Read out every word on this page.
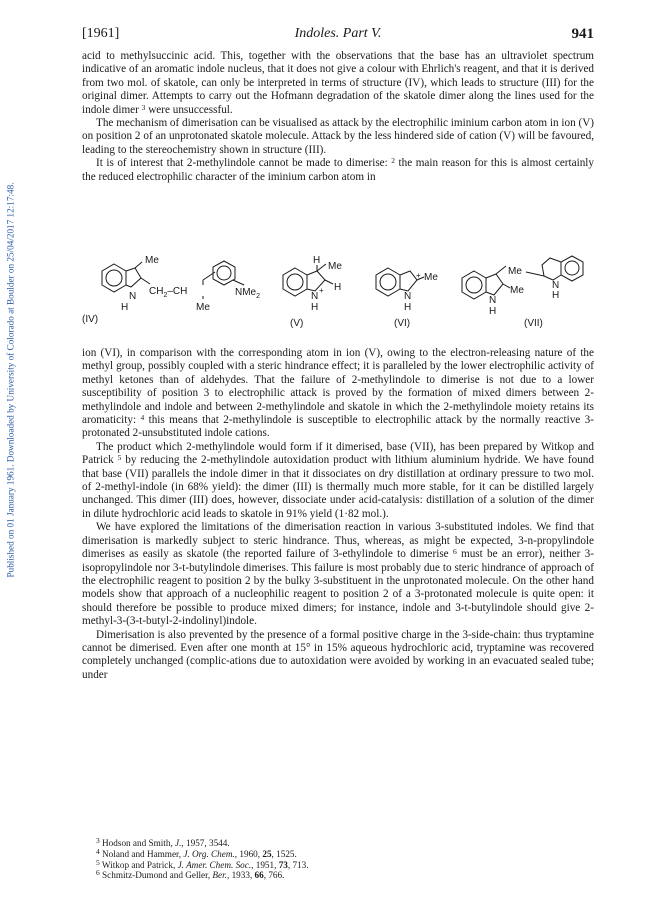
Published on 01 January 1961. Downloaded by University of Colorado at Boulder on 25/04/2017 12:17:48.
[1961]	Indoles. Part V.	941

acid to methylsuccinic acid. This, together with the observations that the base has an ultraviolet spectrum indicative of an aromatic indole nucleus, that it does not give a colour with Ehrlich's reagent, and that it is derived from two mol. of skatole, can only be interpreted in terms of structure (IV), which leads to structure (III) for the original dimer. Attempts to carry out the Hofmann degradation of the skatole dimer along the lines used for the indole dimer $^3$ were unsuccessful.

The mechanism of dimerisation can be visualised as attack by the electrophilic iminium carbon atom in ion (V) on position 2 of an unprotonated skatole molecule. Attack by the less hindered side of cation (V) will be favoured, leading to the stereochemistry shown in structure (III).

It is of interest that 2-methylindole cannot be made to dimerise: $^2$ the main reason for this is almost certainly the reduced electrophilic character of the iminium carbon atom in

Me
N
H
$CH_2-CH$
Me
NMe$_2$
(IV)
H
Me
H
N
+
H
(V)
+ Me
N
H
(VI)
Me
N
H
Me
N
H
(VII)

ion (VI), in comparison with the corresponding atom in ion (V), owing to the electron-releasing nature of the methyl group, possibly coupled with a steric hindrance effect; it is paralleled by the lower electrophilic activity of methyl ketones than of aldehydes. That the failure of 2-methylindole to dimerise is not due to a lower susceptibility of position 3 to electrophilic attack is proved by the formation of mixed dimers between 2-methylindole and indole and between 2-methylindole and skatole in which the 2-methylindole moiety retains its aromaticity: $^4$ this means that 2-methylindole is susceptible to electrophilic attack by the normally reactive 3-protonated 2-unsubstituted indole cations.

The product which 2-methylindole would form if it dimerised, base (VII), has been prepared by Witkop and Patrick $^5$ by reducing the 2-methylindole autoxidation product with lithium aluminium hydride. We have found that base (VII) parallels the indole dimer in that it dissociates on dry distillation at ordinary pressure to two mol. of 2-methyl-indole (in 68% yield): the dimer (III) is thermally much more stable, for it can be distilled largely unchanged. This dimer (III) does, however, dissociate under acid-catalysis: distillation of a solution of the dimer in dilute hydrochloric acid leads to skatole in 91% yield (1·82 mol.).

We have explored the limitations of the dimerisation reaction in various 3-substituted indoles. We find that dimerisation is markedly subject to steric hindrance. Thus, whereas, as might be expected, 3-n-propylindole dimerises as easily as skatole (the reported failure of 3-ethylindole to dimerise $^6$ must be an error), neither 3-isopropylindole nor 3-t-butylindole dimerises. This failure is most probably due to steric hindrance of approach of the electrophilic reagent to position 2 by the bulky 3-substituent in the unprotonated molecule. On the other hand models show that approach of a nucleophilic reagent to position 2 of a 3-protonated molecule is quite open: it should therefore be possible to produce mixed dimers; for instance, indole and 3-t-butylindole should give 2-methyl-3-(3-t-butyl-2-indolinyl)indole.

Dimerisation is also prevented by the presence of a formal positive charge in the 3-side-chain: thus tryptamine cannot be dimerised. Even after one month at 15° in 15% aqueous hydrochloric acid, tryptamine was recovered completely unchanged (complic-ations due to autoxidation were avoided by working in an evacuated sealed tube; under

$^3$ Hodson and Smith, J., 1957, 3544.
$^4$ Noland and Hammer, J. Org. Chem., 1960, 25, 1525.
$^5$ Witkop and Patrick, J. Amer. Chem. Soc., 1951, 73, 713.
$^6$ Schmitz-Dumond and Geller, Ber., 1933, 66, 766.
